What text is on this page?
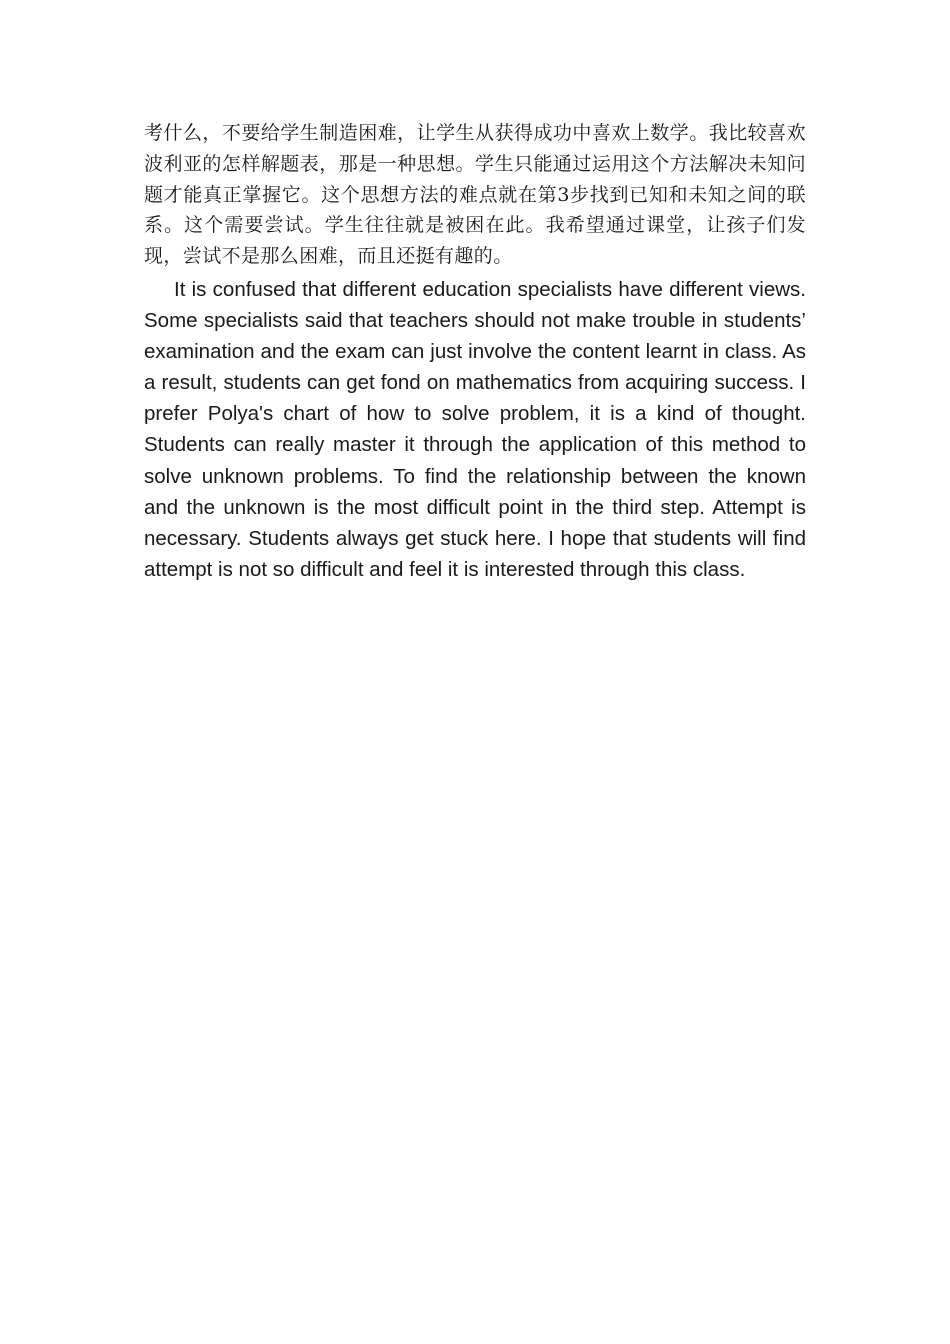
考什么，不要给学生制造困难，让学生从获得成功中喜欢上数学。我比较喜欢波利亚的怎样解题表，那是一种思想。学生只能通过运用这个方法解决未知问题才能真正掌握它。这个思想方法的难点就在第3步找到已知和未知之间的联系。这个需要尝试。学生往往就是被困在此。我希望通过课堂，让孩子们发现，尝试不是那么困难，而且还挺有趣的。

It is confused that different education specialists have different views. Some specialists said that teachers should not make trouble in students’ examination and the exam can just involve the content learnt in class. As a result, students can get fond on mathematics from acquiring success. I prefer Polya's chart of how to solve problem, it is a kind of thought. Students can really master it through the application of this method to solve unknown problems. To find the relationship between the known and the unknown is the most difficult point in the third step. Attempt is necessary. Students always get stuck here. I hope that students will find attempt is not so difficult and feel it is interested through this class.
